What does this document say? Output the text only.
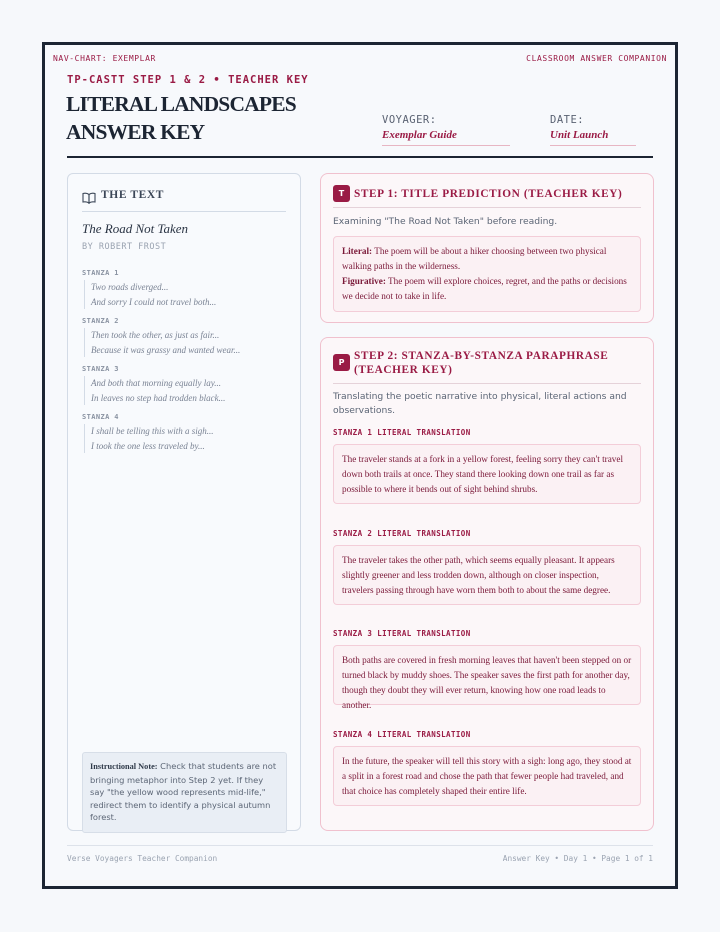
NAV-CHART: EXEMPLAR	CLASSROOM ANSWER COMPANION
TP-CASTT STEP 1 & 2 • TEACHER KEY
LITERAL LANDSCAPES
ANSWER KEY	VOYAGER:
Exemplar Guide
DATE:
Unit Launch
THE TEXT
The Road Not Taken
BY ROBERT FROST
STANZA 1
Two roads diverged...
And sorry I could not travel both...
STANZA 2
Then took the other, as just as fair...
Because it was grassy and wanted wear...
STANZA 3
And both that morning equally lay...
In leaves no step had trodden black...
STANZA 4
I shall be telling this with a sigh...
I took the one less traveled by...
Instructional Note: Check that students are not bringing metaphor into Step 2 yet. If they say "the yellow wood represents mid-life," redirect them to identify a physical autumn forest.
T STEP 1: TITLE PREDICTION (TEACHER KEY)
Examining "The Road Not Taken" before reading.
Literal: The poem will be about a hiker choosing between two physical walking paths in the wilderness.
Figurative: The poem will explore choices, regret, and the paths or decisions we decide not to take in life.
P
STEP 2: STANZA-BY-STANZA PARAPHRASE (TEACHER KEY)
Translating the poetic narrative into physical, literal actions and observations.
STANZA 1 LITERAL TRANSLATION
The traveler stands at a fork in a yellow forest, feeling sorry they can't travel down both trails at once. They stand there looking down one trail as far as possible to where it bends out of sight behind shrubs.
STANZA 2 LITERAL TRANSLATION
The traveler takes the other path, which seems equally pleasant. It appears slightly greener and less trodden down, although on closer inspection, travelers passing through have worn them both to about the same degree.
STANZA 3 LITERAL TRANSLATION
Both paths are covered in fresh morning leaves that haven't been stepped on or turned black by muddy shoes. The speaker saves the first path for another day, though they doubt they will ever return, knowing how one road leads to another.
STANZA 4 LITERAL TRANSLATION
In the future, the speaker will tell this story with a sigh: long ago, they stood at a split in a forest road and chose the path that fewer people had traveled, and that choice has completely shaped their entire life.
Verse Voyagers Teacher Companion	Answer Key • Day 1 • Page 1 of 1
